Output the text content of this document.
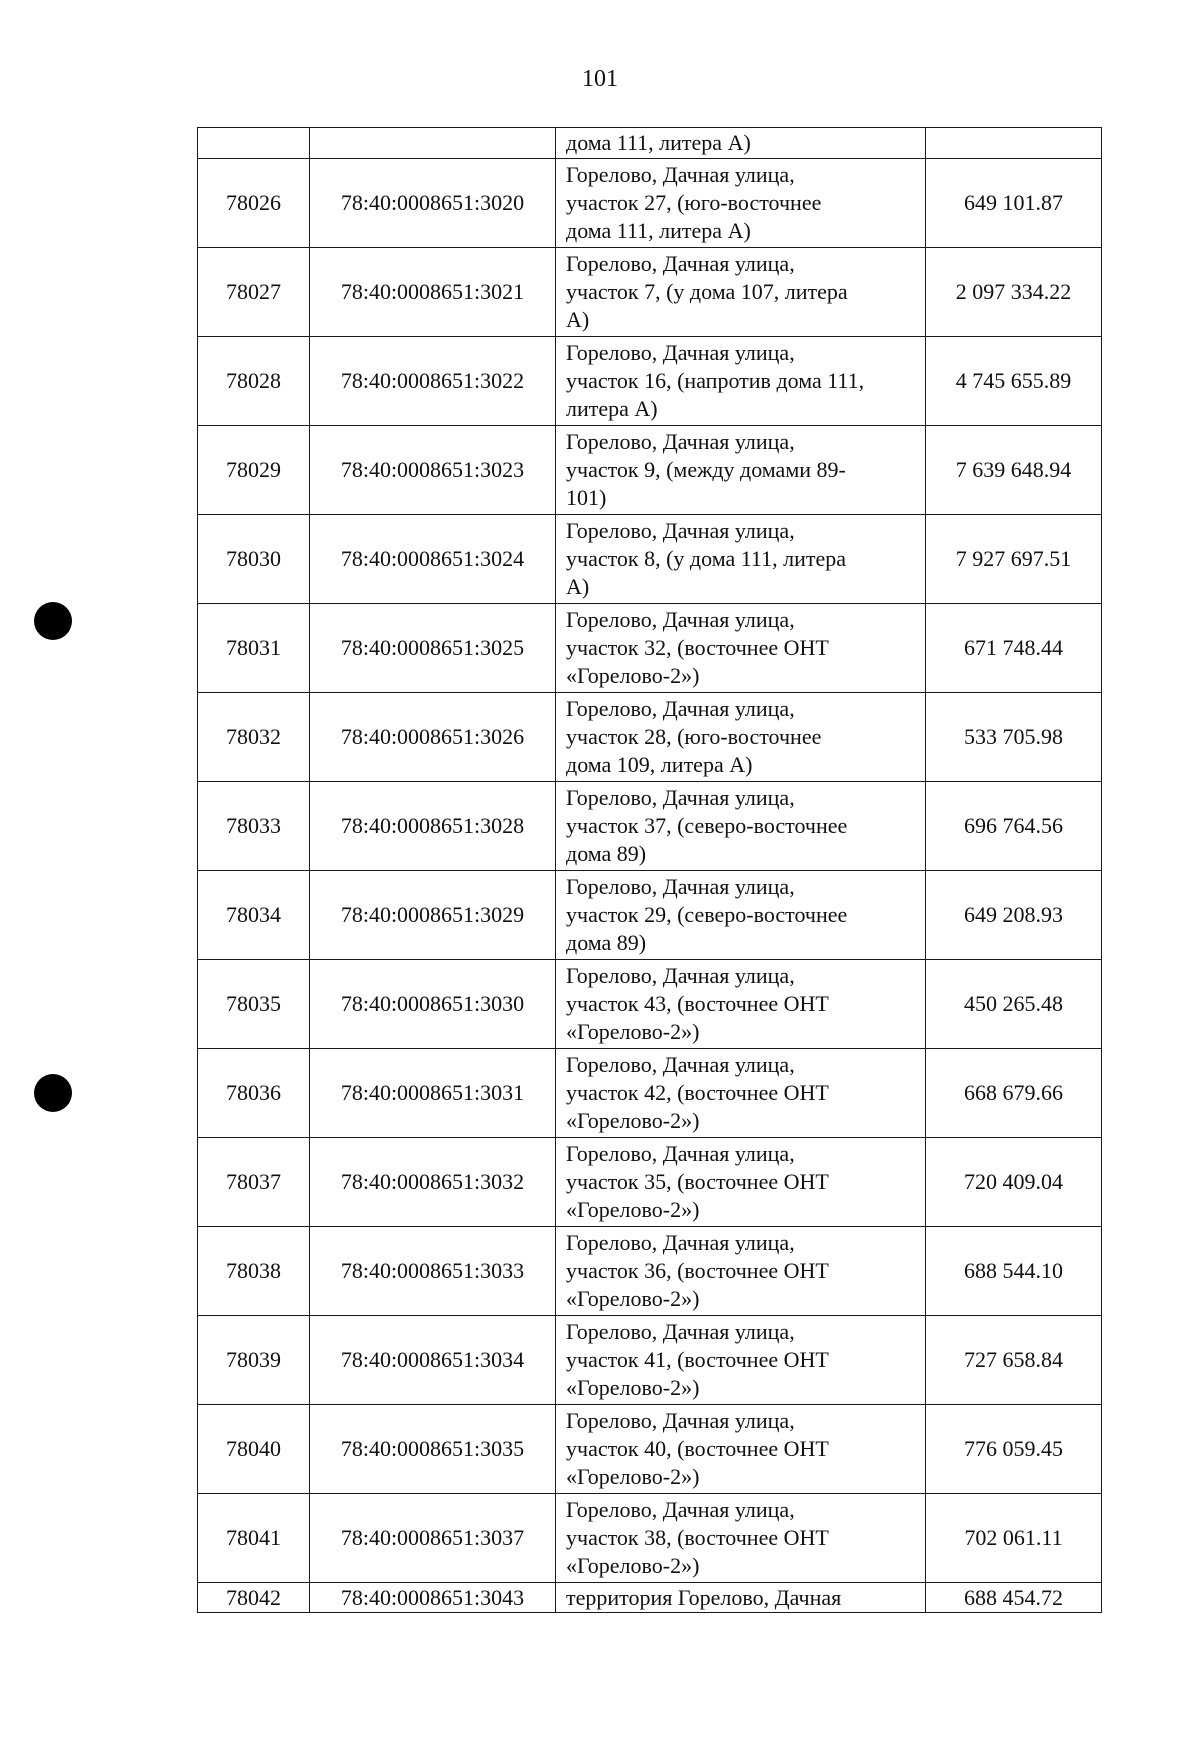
101

		дома 111, литера А)	

78026	78:40:0008651:3020	Горелово, Дачная улица,
участок 27, (юго-восточнее
дома 111, литера А)	649 101.87
78027	78:40:0008651:3021	Горелово, Дачная улица,
участок 7, (у дома 107, литера
А)	2 097 334.22
78028	78:40:0008651:3022	Горелово, Дачная улица,
участок 16, (напротив дома 111,
литера А)	4 745 655.89
78029	78:40:0008651:3023	Горелово, Дачная улица,
участок 9, (между домами 89-
101)	7 639 648.94
78030	78:40:0008651:3024	Горелово, Дачная улица,
участок 8, (у дома 111, литера
А)	7 927 697.51
78031	78:40:0008651:3025	Горелово, Дачная улица,
участок 32, (восточнее ОНТ
«Горелово-2»)	671 748.44
78032	78:40:0008651:3026	Горелово, Дачная улица,
участок 28, (юго-восточнее
дома 109, литера А)	533 705.98
78033	78:40:0008651:3028	Горелово, Дачная улица,
участок 37, (северо-восточнее
дома 89)	696 764.56
78034	78:40:0008651:3029	Горелово, Дачная улица,
участок 29, (северо-восточнее
дома 89)	649 208.93
78035	78:40:0008651:3030	Горелово, Дачная улица,
участок 43, (восточнее ОНТ
«Горелово-2»)	450 265.48
78036	78:40:0008651:3031	Горелово, Дачная улица,
участок 42, (восточнее ОНТ
«Горелово-2»)	668 679.66
78037	78:40:0008651:3032	Горелово, Дачная улица,
участок 35, (восточнее ОНТ
«Горелово-2»)	720 409.04
78038	78:40:0008651:3033	Горелово, Дачная улица,
участок 36, (восточнее ОНТ
«Горелово-2»)	688 544.10
78039	78:40:0008651:3034	Горелово, Дачная улица,
участок 41, (восточнее ОНТ
«Горелово-2»)	727 658.84
78040	78:40:0008651:3035	Горелово, Дачная улица,
участок 40, (восточнее ОНТ
«Горелово-2»)	776 059.45
78041	78:40:0008651:3037	Горелово, Дачная улица,
участок 38, (восточнее ОНТ
«Горелово-2»)	702 061.11
78042	78:40:0008651:3043	территория Горелово, Дачная	688 454.72
